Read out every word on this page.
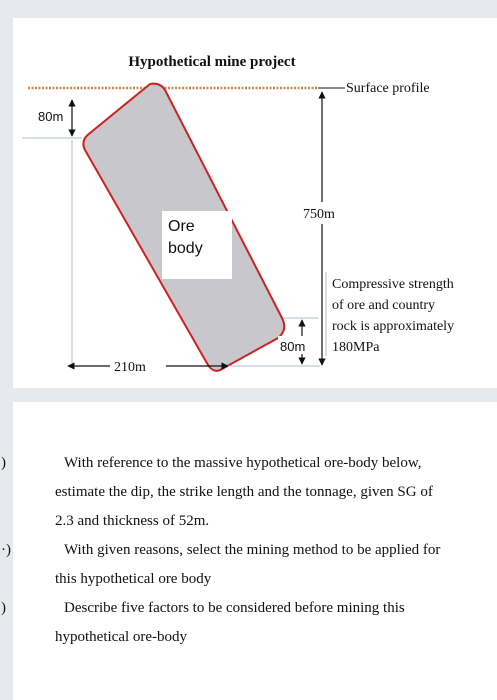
Hypothetical mine project
Surface profile
Ore
body
80m
750m
80m
210m
Compressive strength
of ore and country
rock is approximately
180MPa
)	With reference to the massive hypothetical ore-body below,
estimate the dip, the strike length and the tonnage, given SG of
2.3 and thickness of 52m.
·)	With given reasons, select the mining method to be applied for
this hypothetical ore body
)	Describe five factors to be considered before mining this
hypothetical ore-body
